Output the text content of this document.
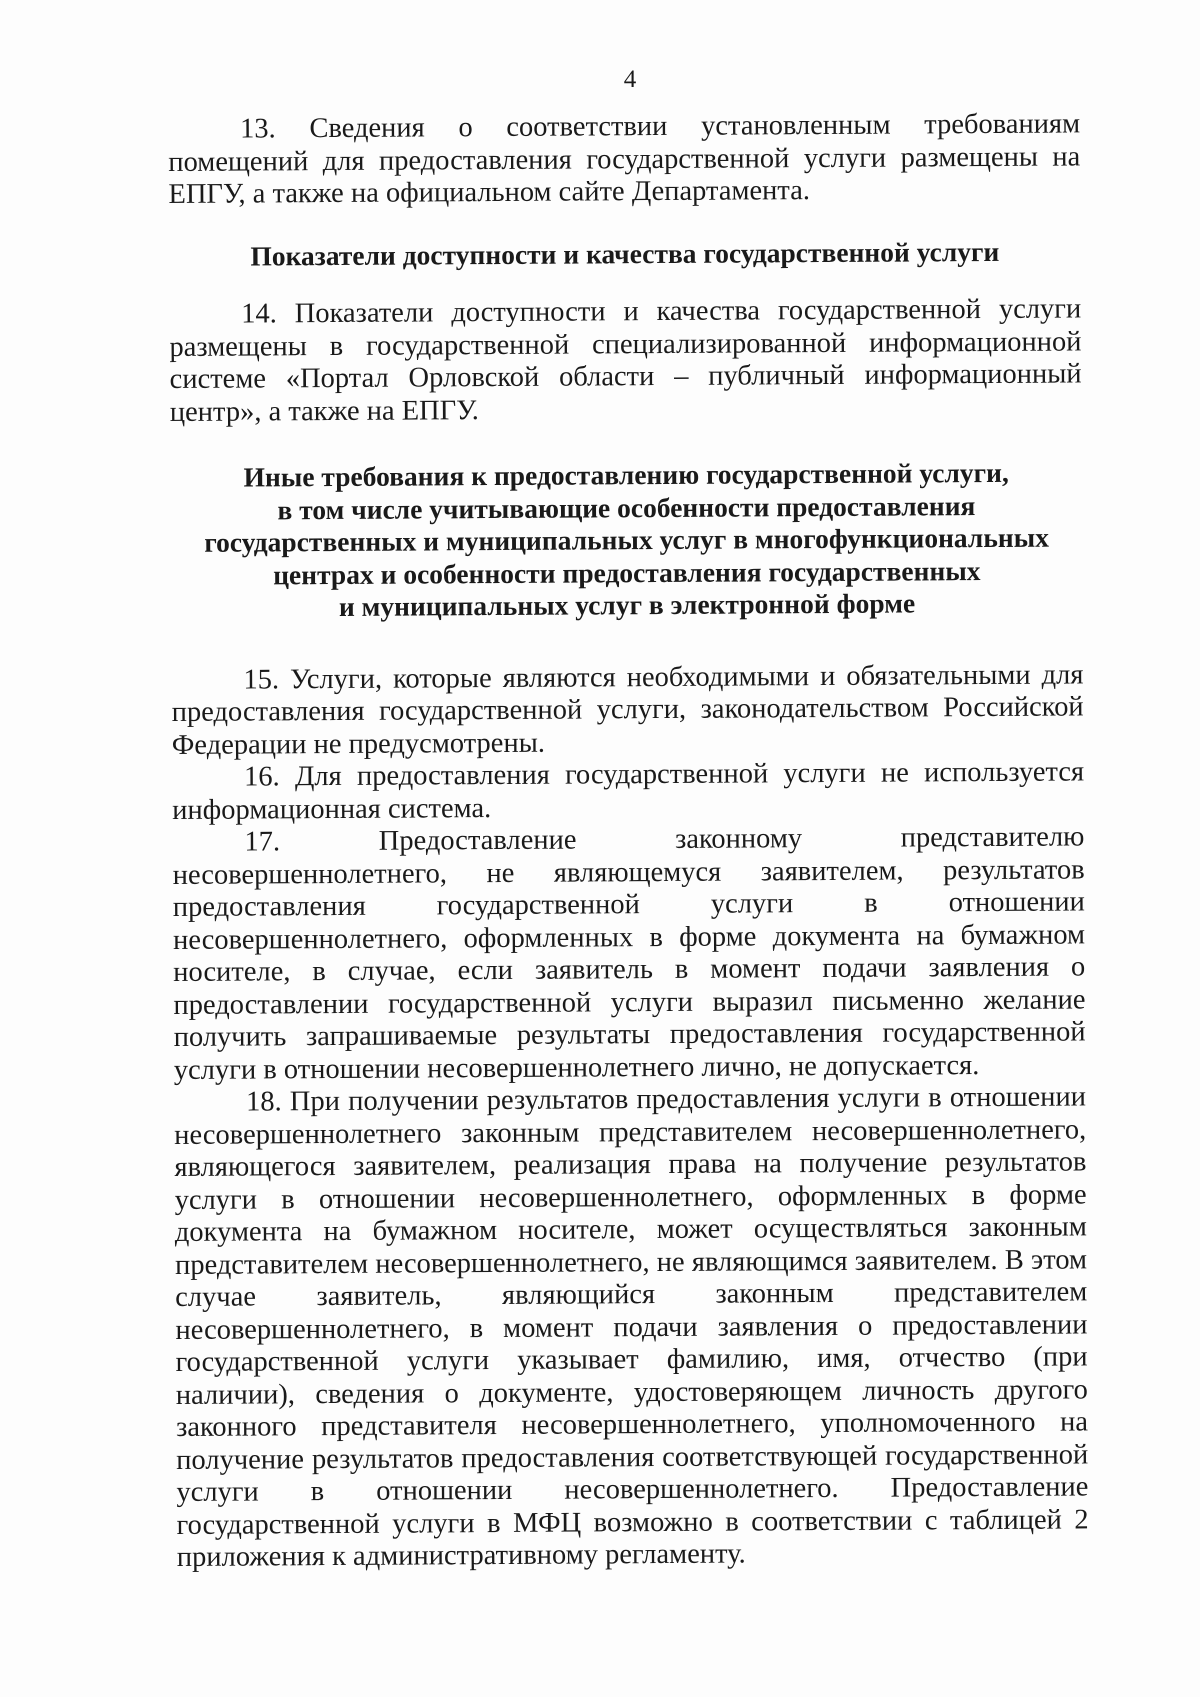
4

13. Сведения о соответствии установленным требованиям помещений для предоставления государственной услуги размещены на ЕПГУ, а также на официальном сайте Департамента.

Показатели доступности и качества государственной услуги

14. Показатели доступности и качества государственной услуги размещены в государственной специализированной информационной системе «Портал Орловской области – публичный информационный центр», а также на ЕПГУ.

Иные требования к предоставлению государственной услуги,
в том числе учитывающие особенности предоставления
государственных и муниципальных услуг в многофункциональных
центрах и особенности предоставления государственных
и муниципальных услуг в электронной форме

15. Услуги, которые являются необходимыми и обязательными для предоставления государственной услуги, законодательством Российской Федерации не предусмотрены.

16. Для предоставления государственной услуги не используется информационная система.

17. Предоставление законному представителю несовершеннолетнего, не являющемуся заявителем, результатов предоставления государственной услуги в отношении несовершеннолетнего, оформленных в форме документа на бумажном носителе, в случае, если заявитель в момент подачи заявления о предоставлении государственной услуги выразил письменно желание получить запрашиваемые результаты предоставления государственной услуги в отношении несовершеннолетнего лично, не допускается.

18. При получении результатов предоставления услуги в отношении несовершеннолетнего законным представителем несовершеннолетнего, являющегося заявителем, реализация права на получение результатов услуги в отношении несовершеннолетнего, оформленных в форме документа на бумажном носителе, может осуществляться законным представителем несовершеннолетнего, не являющимся заявителем. В этом случае заявитель, являющийся законным представителем несовершеннолетнего, в момент подачи заявления о предоставлении государственной услуги указывает фамилию, имя, отчество (при наличии), сведения о документе, удостоверяющем личность другого законного представителя несовершеннолетнего, уполномоченного на получение результатов предоставления соответствующей государственной услуги в отношении несовершеннолетнего. Предоставление государственной услуги в МФЦ возможно в соответствии с таблицей 2 приложения к административному регламенту.
